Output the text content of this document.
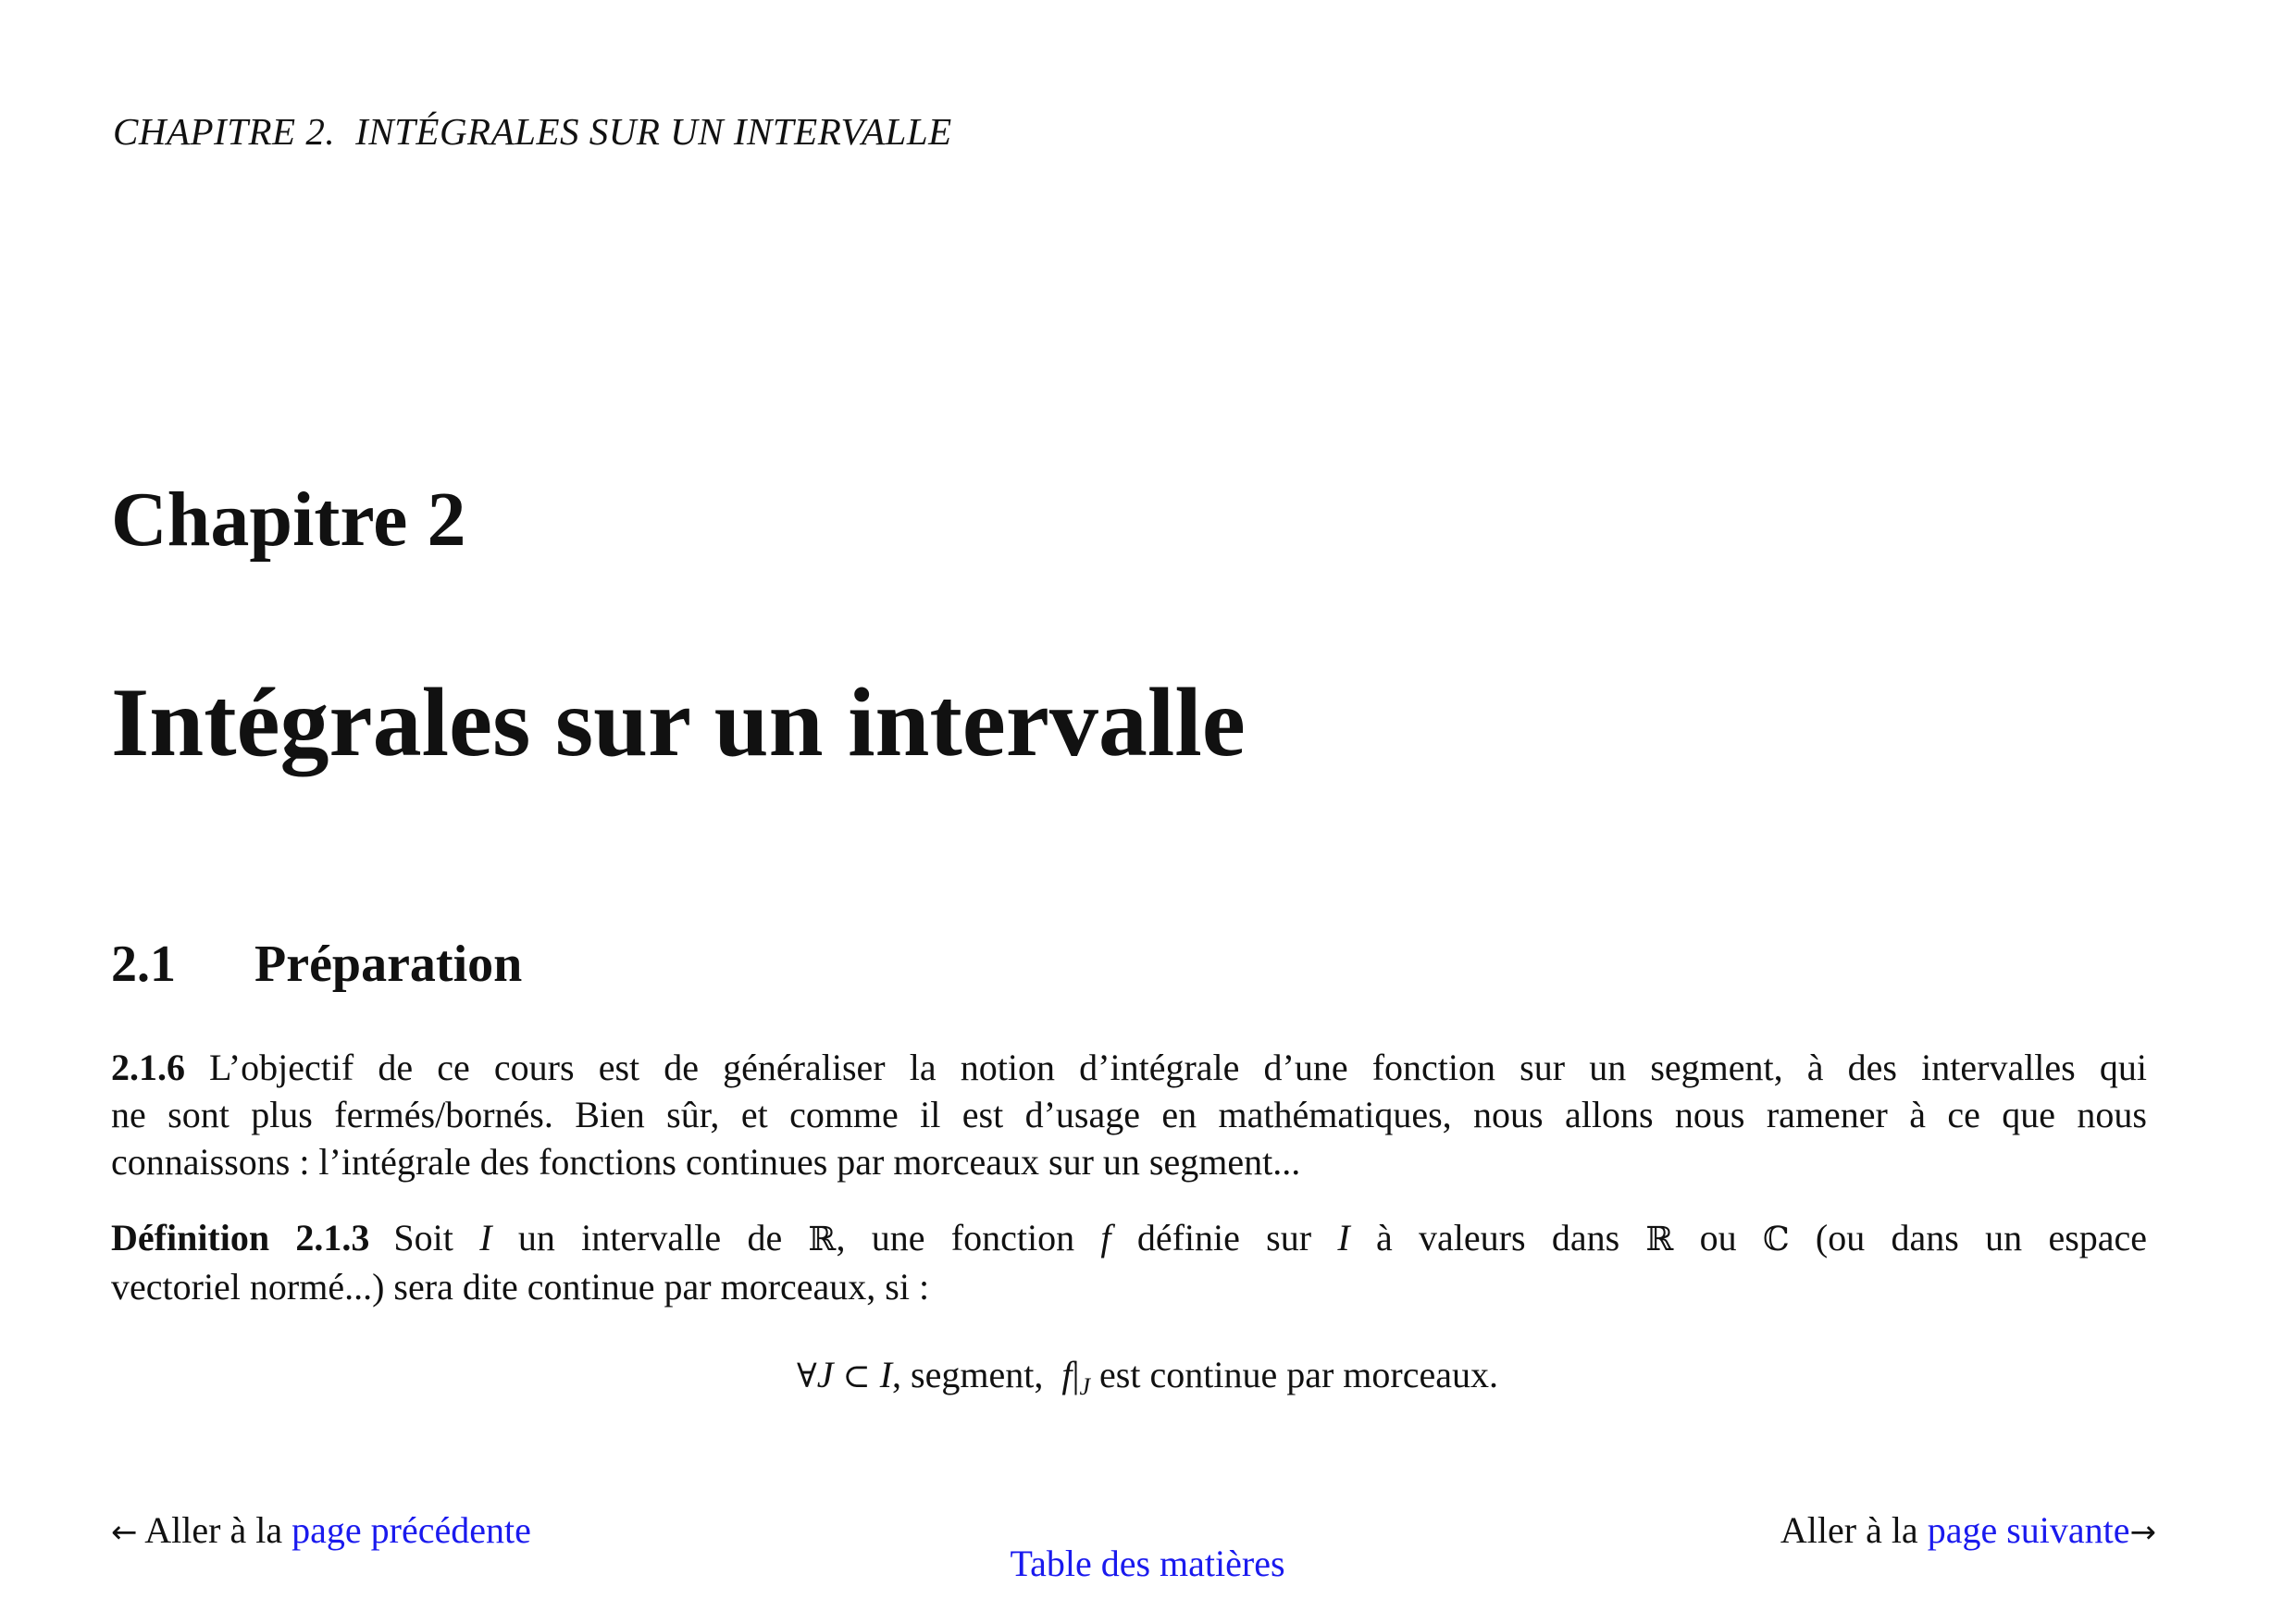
CHAPITRE 2. INTÉGRALES SUR UN INTERVALLE
Chapitre 2
Intégrales sur un intervalle
2.1 Préparation
2.1.6 L’objectif de ce cours est de généraliser la notion d’intégrale d’une fonction sur un segment, à des intervalles qui
ne sont plus fermés/bornés. Bien sûr, et comme il est d’usage en mathématiques, nous allons nous ramener à ce que nous
connaissons : l’intégrale des fonctions continues par morceaux sur un segment...
Définition 2.1.3 Soit I un intervalle de ℝ, une fonction f définie sur I à valeurs dans ℝ ou ℂ (ou dans un espace
vectoriel normé...) sera dite continue par morceaux, si :
∀J ⊂ I, segment, $f|_J$ est continue par morceaux.
← Aller à la page précédente
Table des matières
Aller à la page suivante→
